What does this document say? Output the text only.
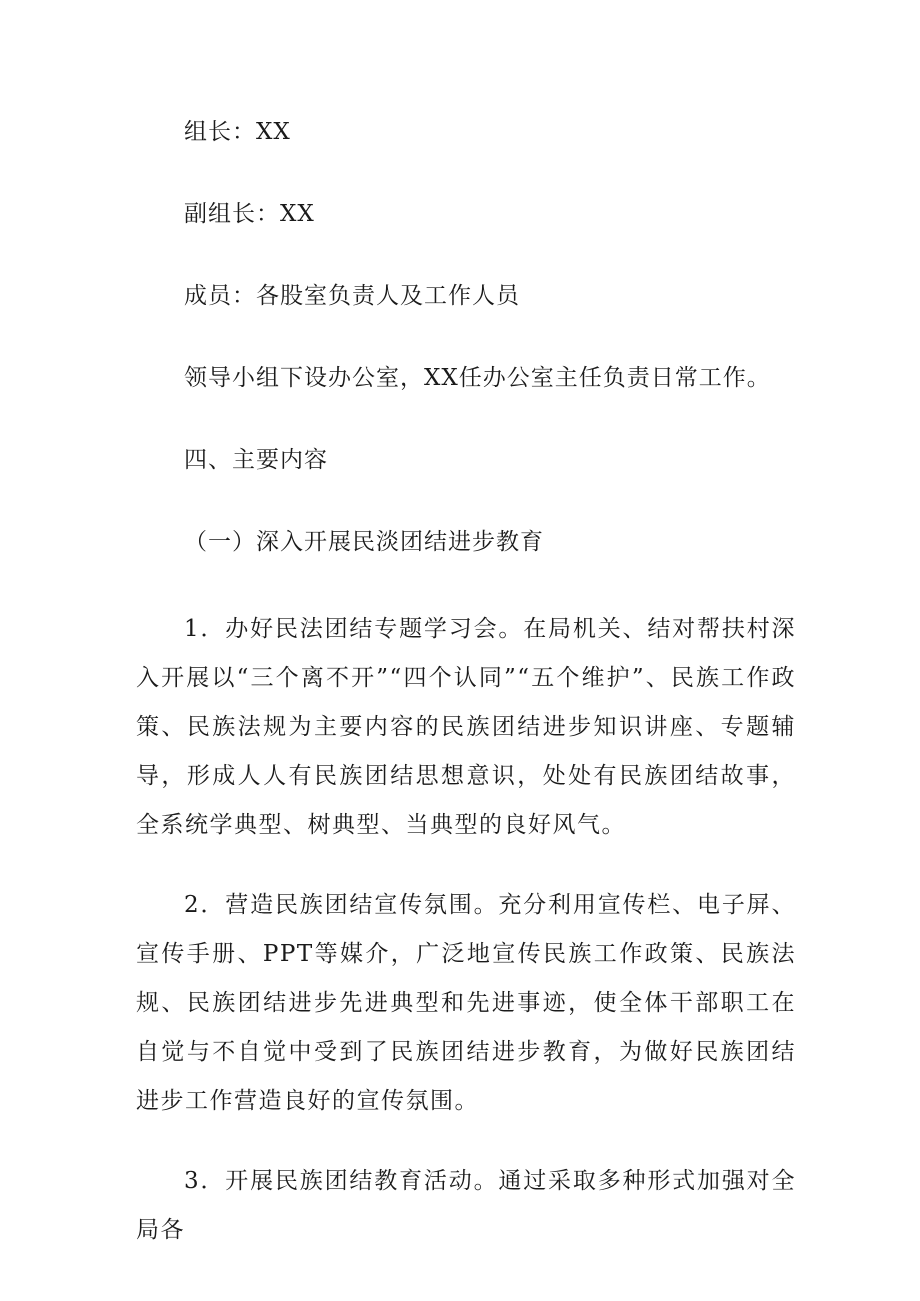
组长：XX
副组长：XX
成员：各股室负责人及工作人员
领导小组下设办公室，XX任办公室主任负责日常工作。
四、主要内容
（一）深入开展民淡团结进步教育

1．办好民法团结专题学习会。在局机关、结对帮扶村深入开展以“三个离不开”“四个认同”“五个维护”、民族工作政策、民族法规为主要内容的民族团结进步知识讲座、专题辅导，形成人人有民族团结思想意识，处处有民族团结故事，全系统学典型、树典型、当典型的良好风气。

2．营造民族团结宣传氛围。充分利用宣传栏、电子屏、宣传手册、PPT等媒介，广泛地宣传民族工作政策、民族法规、民族团结进步先进典型和先进事迹，使全体干部职工在自觉与不自觉中受到了民族团结进步教育，为做好民族团结进步工作营造良好的宣传氛围。

3．开展民族团结教育活动。通过采取多种形式加强对全局各
